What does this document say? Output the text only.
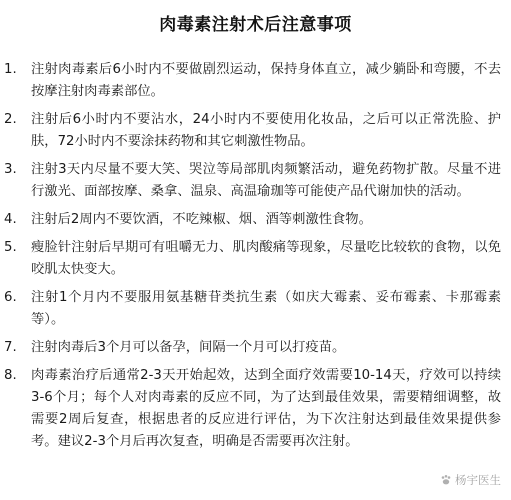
肉毒素注射术后注意事项
1.	注射肉毒素后6小时内不要做剧烈运动，保持身体直立，减少躺卧和弯腰，不去按摩注射肉毒素部位。
2.	注射后6小时内不要沾水，24小时内不要使用化妆品，之后可以正常洗脸、护肤，72小时内不要涂抹药物和其它刺激性物品。
3.	注射3天内尽量不要大笑、哭泣等局部肌肉频繁活动，避免药物扩散。尽量不进行激光、面部按摩、桑拿、温泉、高温瑜珈等可能使产品代谢加快的活动。
4.	注射后2周内不要饮酒，不吃辣椒、烟、酒等刺激性食物。
5.	瘦脸针注射后早期可有咀嚼无力、肌肉酸痛等现象，尽量吃比较软的食物，以免咬肌太快变大。
6.	注射1个月内不要服用氨基糖苷类抗生素（如庆大霉素、妥布霉素、卡那霉素等）。
7.	注射肉毒后3个月可以备孕，间隔一个月可以打疫苗。
8.	肉毒素治疗后通常2-3天开始起效，达到全面疗效需要10-14天，疗效可以持续3-6个月；每个人对肉毒素的反应不同，为了达到最佳效果，需要精细调整，故需要2周后复查，根据患者的反应进行评估，为下次注射达到最佳效果提供参考。建议2-3个月后再次复查，明确是否需要再次注射。
杨宇医生
